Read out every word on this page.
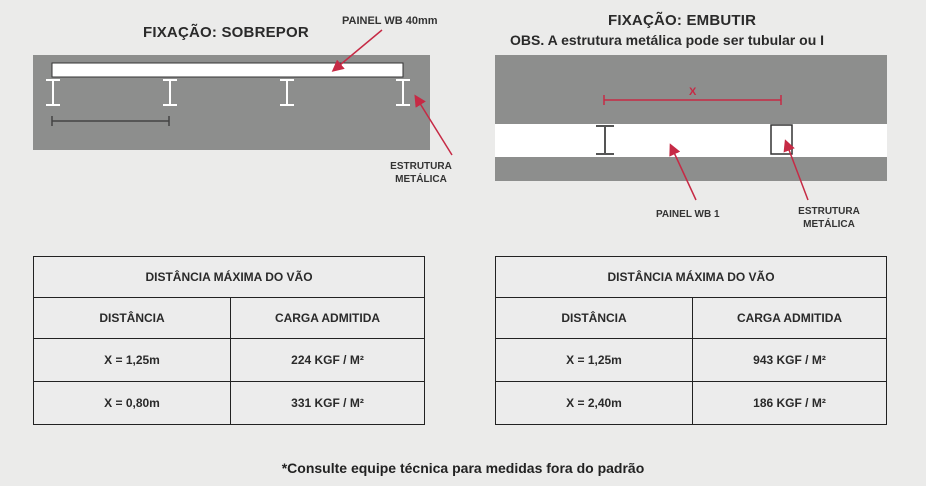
FIXAÇÃO: SOBREPOR
PAINEL WB 40mm
ESTRUTURA
METÁLICA
FIXAÇÃO: EMBUTIR
OBS. A estrutura metálica pode ser tubular ou I
X
PAINEL WB 1	ESTRUTURA
METÁLICA
DISTÂNCIA MÁXIMA DO VÃO	
DISTÂNCIA	CARGA ADMITIDA
X = 1,25m	224 KGF / M²
X = 0,80m	331 KGF / M²
DISTÂNCIA MÁXIMA DO VÃO	
DISTÂNCIA	CARGA ADMITIDA
X = 1,25m	943 KGF / M²
X = 2,40m	186 KGF / M²
*Consulte equipe técnica para medidas fora do padrão
